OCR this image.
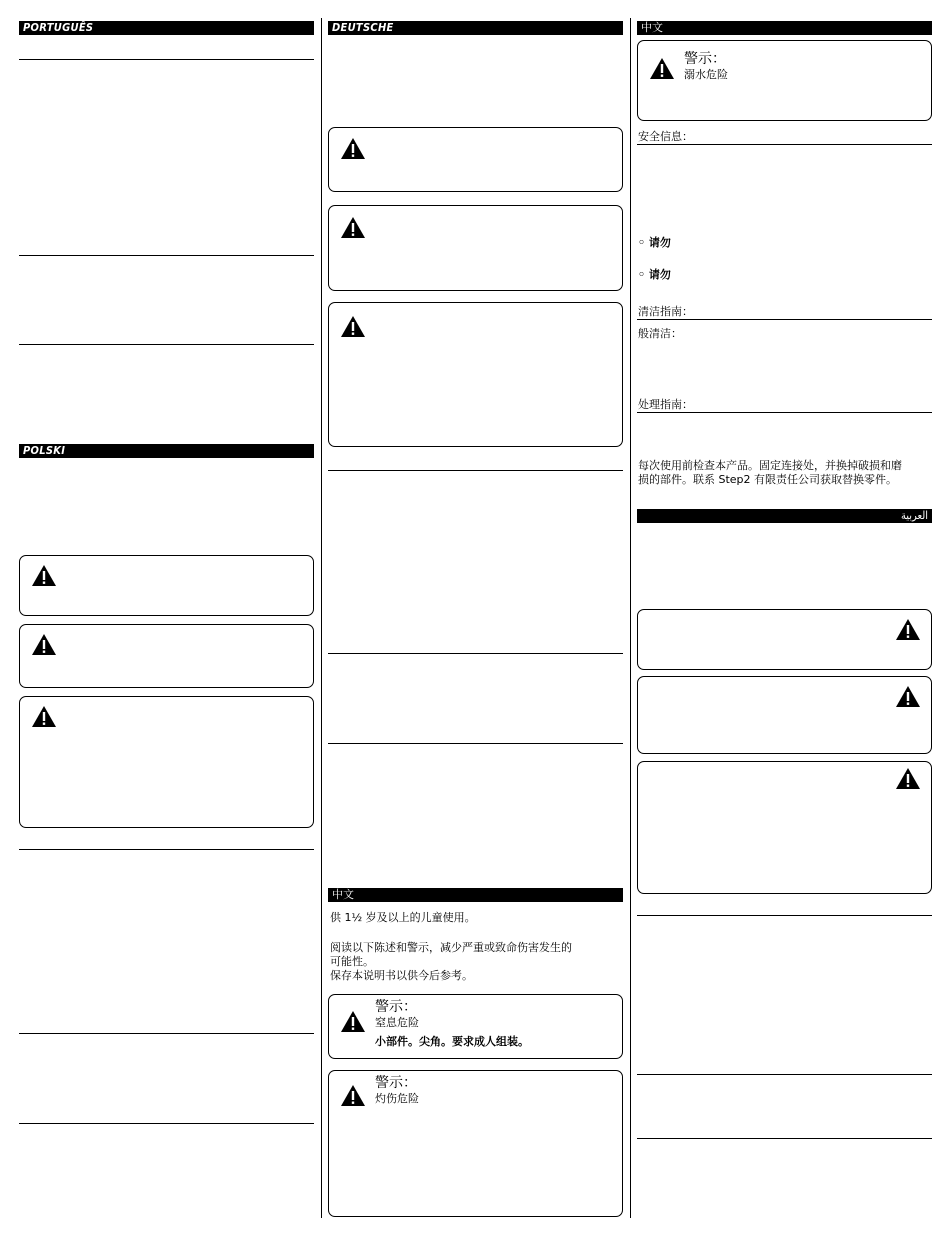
PORTUGUÊS
POLSKI
DEUTSCHE
中文
供 1½ 岁及以上的儿童使用。
阅读以下陈述和警示，减少严重或致命伤害发生的
可能性。
保存本说明书以供今后参考。
警示：
窒息危险
小部件。尖角。要求成人组装。
警示：
灼伤危险
中文
警示：
溺水危险
安全信息：
◦ 请勿
◦ 请勿
清洁指南：
般清洁：
处理指南：
每次使用前检查本产品。固定连接处，并换掉破损和磨
损的部件。联系 Step2 有限责任公司获取替换零件。
العربية
